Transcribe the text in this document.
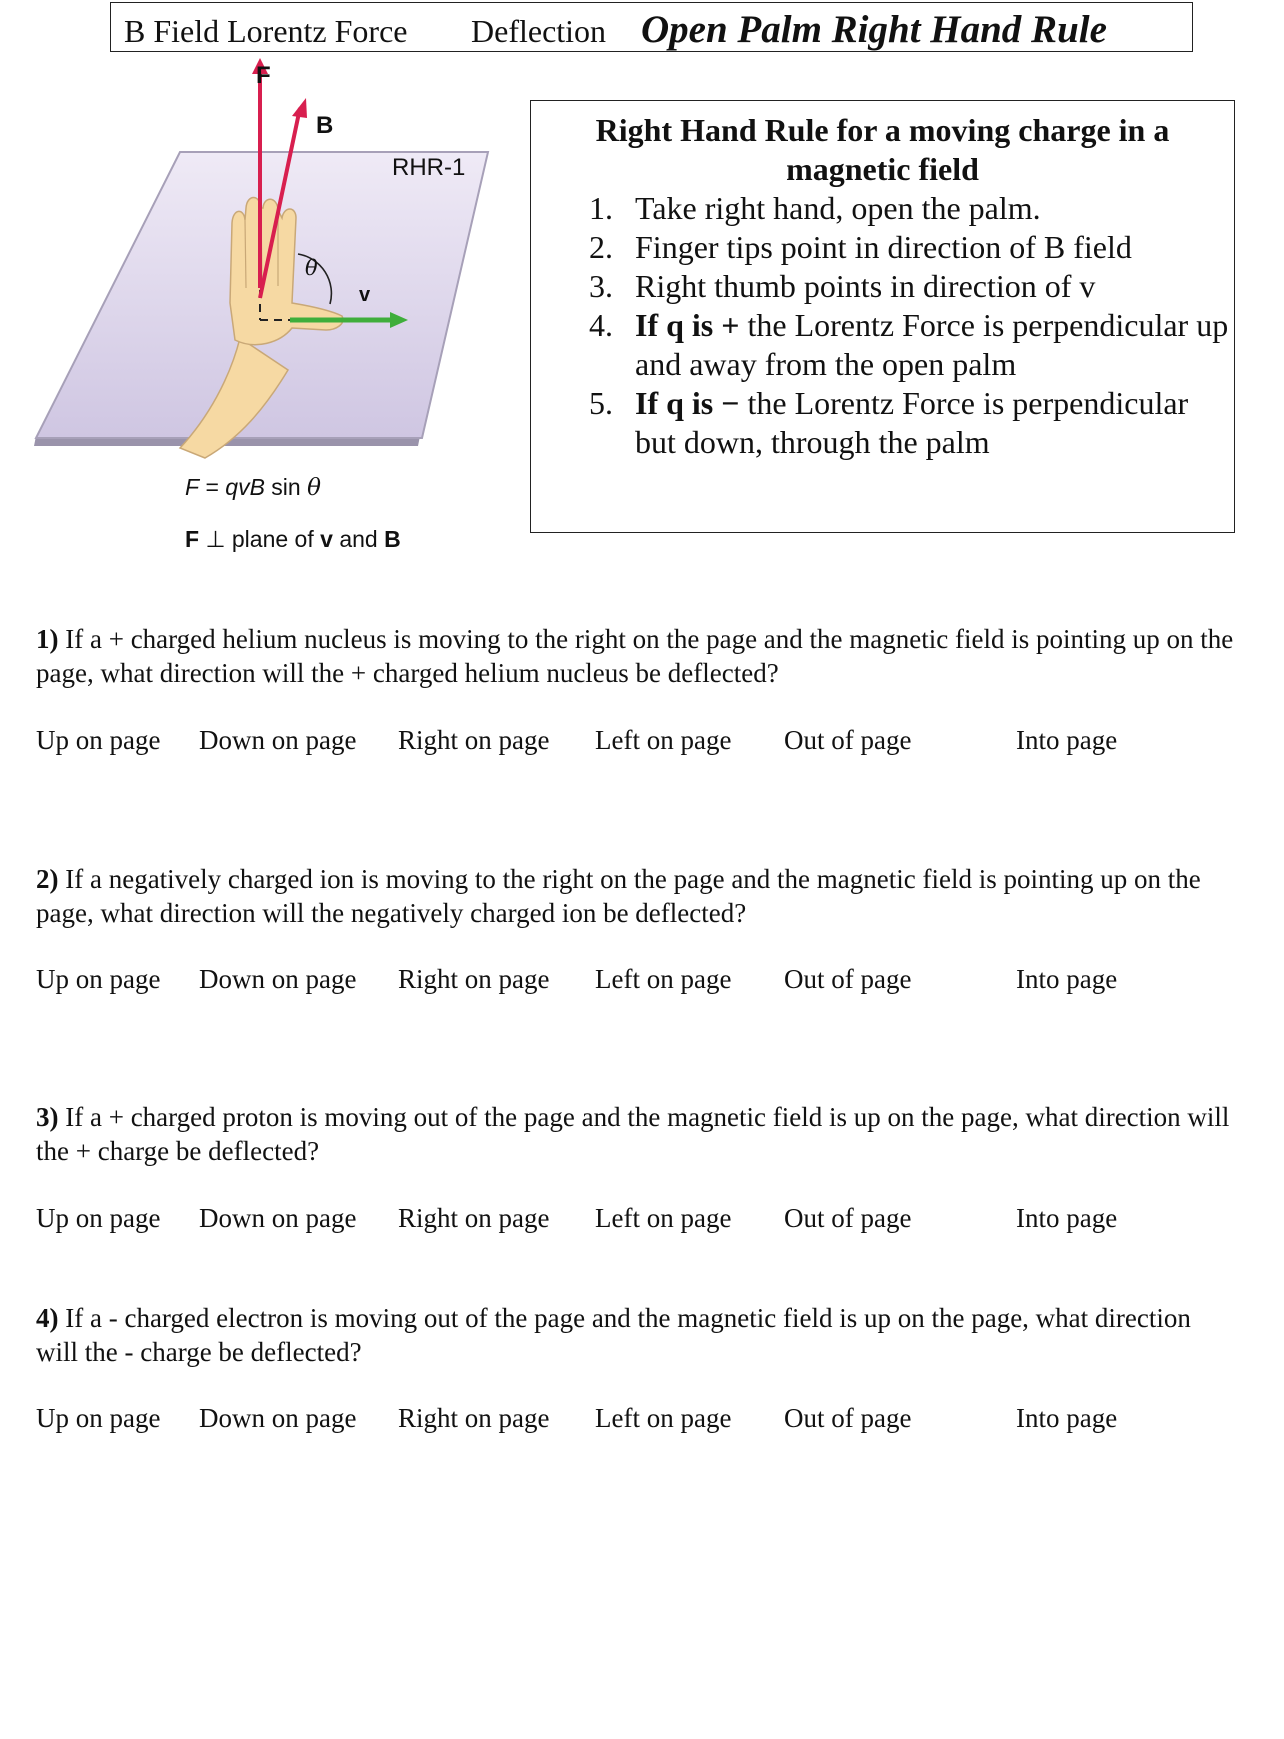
B Field Lorentz Force Deflection Open Palm Right Hand Rule
F
B
RHR-1
θ
v
F = qvB sin θ
F ⊥ plane of v and B
Right Hand Rule for a moving charge in a magnetic field
1. Take right hand, open the palm.
2. Finger tips point in direction of B field
3. Right thumb points in direction of v
4. If q is + the Lorentz Force is perpendicular up and away from the open palm
5. If q is − the Lorentz Force is perpendicular but down, through the palm
1) If a + charged helium nucleus is moving to the right on the page and the magnetic field is pointing up on the page, what direction will the + charged helium nucleus be deflected?
Up on page Down on page Right on page Left on page Out of page	Into page
2) If a negatively charged ion is moving to the right on the page and the magnetic field is pointing up on the page, what direction will the negatively charged ion be deflected?
Up on page Down on page Right on page Left on page Out of page	Into page
3) If a + charged proton is moving out of the page and the magnetic field is up on the page, what direction will the + charge be deflected?
Up on page Down on page Right on page Left on page Out of page	Into page
4) If a - charged electron is moving out of the page and the magnetic field is up on the page, what direction will the - charge be deflected?
Up on page Down on page Right on page Left on page Out of page	Into page
